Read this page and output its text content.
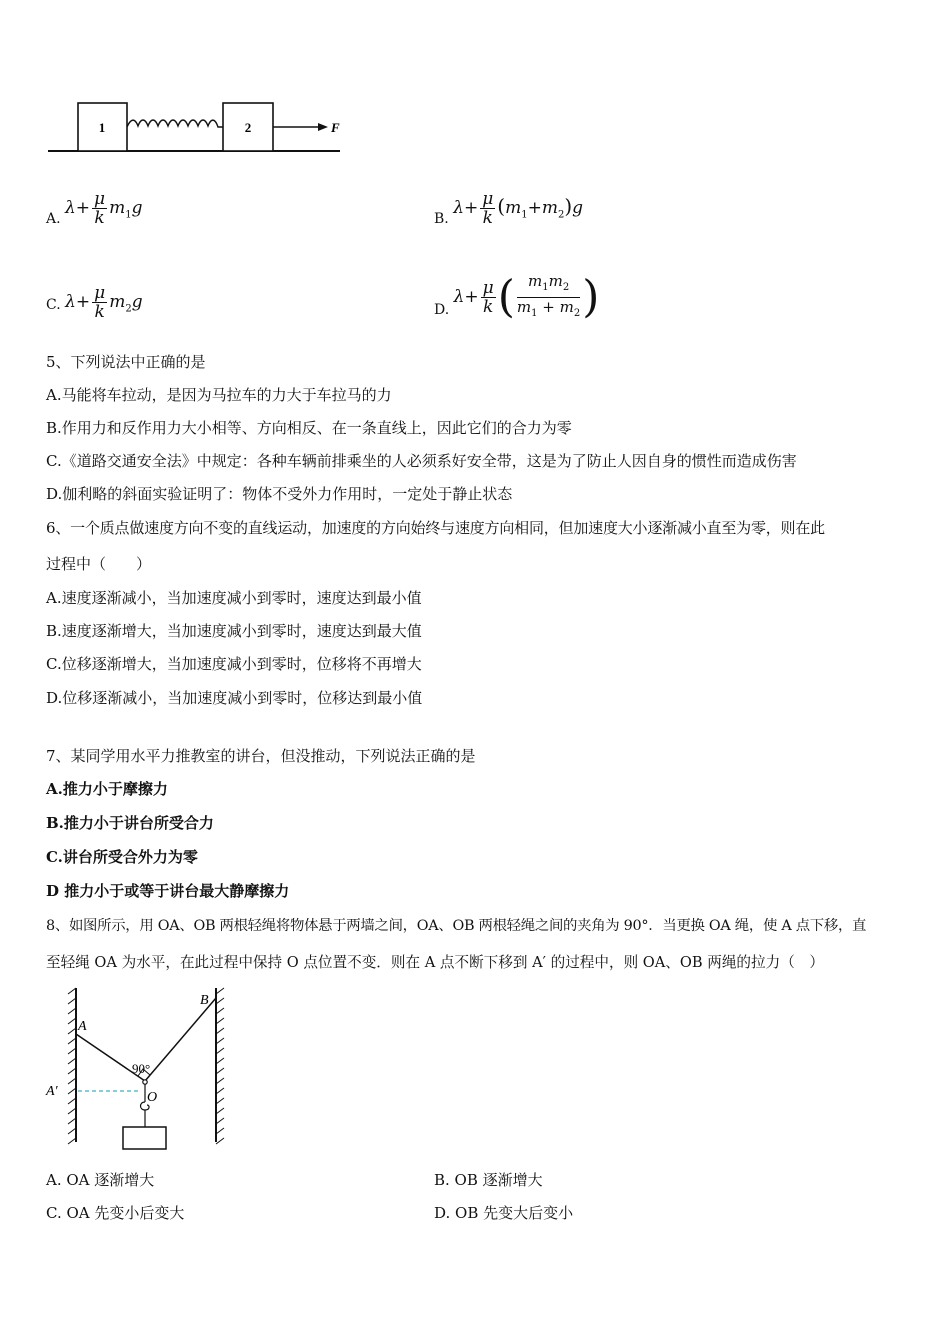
1	2	F
A. $\lambda+ \frac{\mu}{k} m_1g$
B. $\lambda+ \frac{\mu}{k} (m_1+m_2)g$
C. $\lambda+ \frac{\mu}{k} m_2g$	D. $\lambda+ \frac{\mu}{k}$ ( $\frac{m_1m_2}{m_1 + m_2}$ )
5、下列说法中正确的是
A.马能将车拉动，是因为马拉车的力大于车拉马的力
B.作用力和反作用力大小相等、方向相反、在一条直线上，因此它们的合力为零
C.《道路交通安全法》中规定：各种车辆前排乘坐的人必须系好安全带，这是为了防止人因自身的惯性而造成伤害
D.伽利略的斜面实验证明了：物体不受外力作用时，一定处于静止状态
6、一个质点做速度方向不变的直线运动，加速度的方向始终与速度方向相同，但加速度大小逐渐减小直至为零，则在此
过程中（　　）
A.速度逐渐减小，当加速度减小到零时，速度达到最小值
B.速度逐渐增大，当加速度减小到零时，速度达到最大值
C.位移逐渐增大，当加速度减小到零时，位移将不再增大
D.位移逐渐减小，当加速度减小到零时，位移达到最小值
7、某同学用水平力推教室的讲台，但没推动，下列说法正确的是
A.推力小于摩擦力
B.推力小于讲台所受合力
C.讲台所受合外力为零
D 推力小于或等于讲台最大静摩擦力
8、如图所示，用 OA、OB 两根轻绳将物体悬于两墙之间，OA、OB 两根轻绳之间的夹角为 90°．当更换 OA 绳，使 A 点下移，直
至轻绳 OA 为水平，在此过程中保持 O 点位置不变．则在 A 点不断下移到 A′ 的过程中，则 OA、OB 两绳的拉力（　）
A
B
A′	O
90°
A. OA 逐渐增大	B. OB 逐渐增大
C. OA 先变小后变大	D. OB 先变大后变小
